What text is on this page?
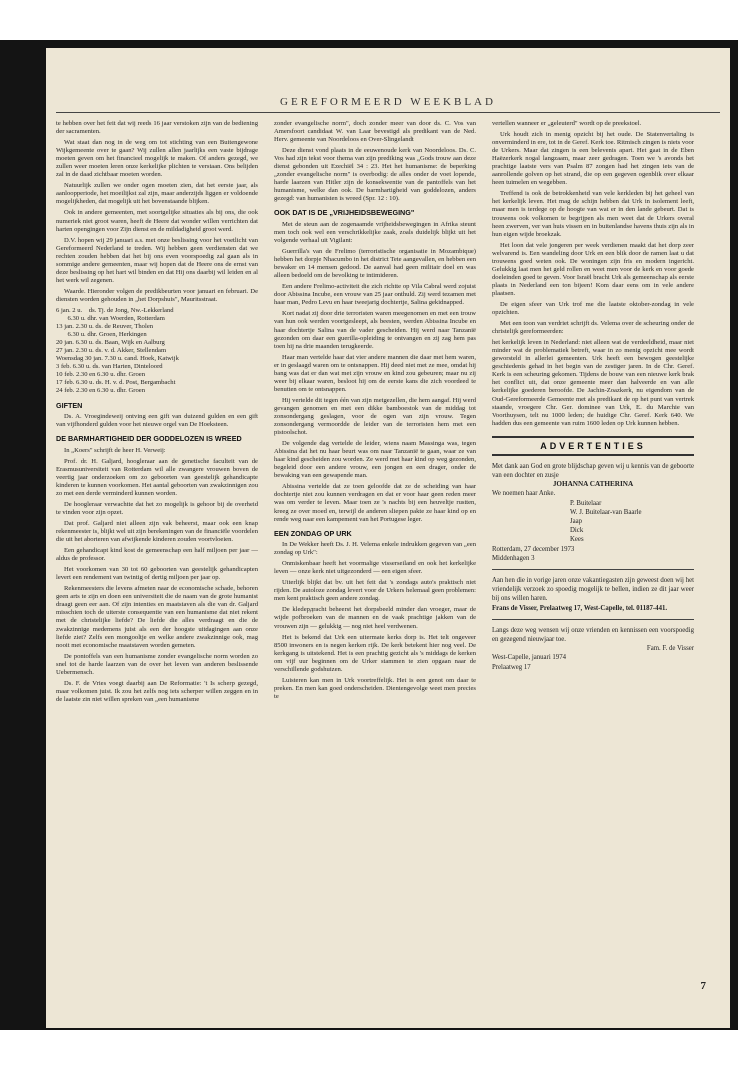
GEREFORMEERD WEEKBLAD

te hebben over het feit dat wij reeds 16 jaar verstoken zijn van de bediening der sacramenten.

Wat staat dan nog in de weg om tot stichting van een Buitengewone Wijkgemeente over te gaan? Wij zullen allen jaarlijks een vaste bijdrage moeten geven om het financieel mogelijk te maken. Of anders gezegd, we zullen weer moeten leren onze kerkelijke plichten te verstaan. Ons belijden zal in de daad zichtbaar moeten worden.

Natuurlijk zullen we onder ogen moeten zien, dat het eerste jaar, als aanloopperiode, het moeilijkst zal zijn, maar anderzijds liggen er voldoende mogelijkheden, dat mogelijk uit het bovenstaande blijken.

Ook in andere gemeenten, met soortgelijke situaties als bij ons, die ook numeriek niet groot waren, heeft de Heere dat wonder willen verrichten dat harten opengingen voor Zijn dienst en de mildadigheid groot werd.

D.V. hopen wij 29 januari a.s. met onze beslissing voor het voetlicht van Gereformeerd Nederland te treden. Wij hebben geen verdiensten dat we rechten zouden hebben dat het bij ons even voorspoedig zal gaan als in sommige andere gemeenten, maar wij hopen dat de Heere ons de ernst van deze beslissing op het hart wil binden en dat Hij ons daarbij wil leiden en al het werk wil zegenen.

Waarde. Hieronder volgen de predikbeurten voor januari en februari. De diensten worden gehouden in „het Dorpshuis", Mauritsstraat.

6 jan. 2 u.    ds. Tj. de Jong, Nw.-Lekkerland

6.30 u. dhr. van Woerden, Rotterdam

13 jan. 2.30 u. ds. de Reuver, Tholen

6.30 u. dhr. Groen, Herkingen

20 jan. 6.30 u. ds. Baan, Wijk en Aalburg

27 jan. 2.30 u. ds. v. d. Akker, Stellendam

Woensdag 30 jan. 7.30 u. cand. Hoek, Katwijk

3 feb. 6.30 u. ds. van Harten, Dinteloord

10 feb. 2.30 en 6.30 u. dhr. Groen

17 feb. 6.30 u. ds. H. v. d. Post, Bergambacht

24 feb. 2.30 en 6.30 u. dhr. Groen

GIFTEN

Ds. A. Vroegindeweij ontving een gift van duizend gulden en een gift van vijfhonderd gulden voor het nieuwe orgel van De Hoeksteen.

DE BARMHARTIGHEID DER GODDELOZEN IS WREED

In „Koers" schrijft de heer H. Verweij:

Prof. dr. H. Galjard, hoogleraar aan de genetische faculteit van de Erasmusuniversiteit van Rotterdam wil alle zwangere vrouwen boven de veertig jaar onderzoeken om zo geboorten van geestelijk gehandicapte kinderen te kunnen voorkomen. Het aantal geboorten van zwakzinnigen zou zo met een derde verminderd kunnen worden.

De hoogleraar verwachtte dat het zo mogelijk is gehoor bij de overheid te vinden voor zijn opzet.

Dat prof. Galjard niet alleen zijn vak beheerst, maar ook een knap rekenmeester is, blijkt wel uit zijn berekeningen van de financiële voordelen die uit het aborteren van afwijkende kinderen zouden voortvloeien.

Een gehandicapt kind kost de gemeenschap een half miljoen per jaar — aldus de professor.

Het voorkomen van 30 tot 60 geboorten van geestelijk gehandicapten levert een rendement van twintig of dertig miljoen per jaar op.

Rekenmeesters die levens afmeten naar de economische schade, behoren geen arts te zijn en doen een universiteit die de naam van de grote humanist draagt geen eer aan. Of zijn intenties en maatstaven als die van dr. Galjard misschien toch de uiterste consequentie van een humanisme dat niet rekent met de christelijke liefde? De liefde die alles verdraagt en die de zwakzinnige medemens juist als een der hoogste uitdagingen aan onze liefde ziet? Zelfs een mongooltje en welke andere zwakzinnige ook, mag nooit met economische maatstaven worden gemeten.

De pontoffels van een humanisme zonder evangelische norm worden zo snel tot de harde laarzen van de over het leven van anderen beslissende Uebermensch.

Ds. F. de Vries voegt daarbij aan De Reformatie: 't Is scherp gezegd, maar volkomen juist. Ik zou het zelfs nog iets scherper willen zeggen en in de laatste zin niet willen spreken van „een humanisme

zonder evangelische norm", doch zonder meer van door ds. C. Vos van Amersfoort candidaat W. van Laar bevestigd als predikant van de Ned. Herv. gemeente van Noordeloos en Over-Slingelandt

Deze dienst vond plaats in de eeuwenoude kerk van Noordeloos. Ds. C. Vos had zijn tekst voor thema van zijn prediking was „Gods trouw aan deze dienst gebonden uit Ezechiël 34 : 23. Het het humanisme: de beperking „zonder evangelische norm" is overbodig: de alles onder de voet lopende, harde laarzen van Hitler zijn de konsekwentie van de pantoffels van het humanisme, welke dan ook. De barmhartigheid van goddelozen, anders gezegd: van humanisten is wreed (Spr. 12 : 10).

OOK DAT IS DE „VRIJHEIDSBEWEGING"

Met de steun aan de zogenaamde vrijheidsbewegingen in Afrika steunt men toch ook wel een verschrikkelijke zaak, zoals duidelijk blijkt uit het volgende verhaal uit Vigilant:

Guerrilla's van de Frelimo (terroristische organisatie in Mozambique) hebben het dorpje Nhacumbo in het district Tete aangevallen, en hebben een bewaker en 14 mensen gedood. De aanval had geen militair doel en was alleen bedoeld om de bevolking te intimideren.

Een andere Frelimo-activiteit die zich richtte op Vila Cabral werd zojuist door Abissina Incube, een vrouw van 25 jaar onthuld. Zij werd tezamen met haar man, Pedro Levu en haar tweejarig dochtertje, Salina gekidnapped.

Kort nadat zij door drie terroristen waren meegenomen en met een trouw van hun ook werden voortgesleept, als beesten, werden Abissina Incube en haar dochtertje Salina van de vader gescheiden. Hij werd naar Tanzanië gezonden om daar een guerilla-opleiding te ontvangen en zij zag hem pas toen hij na drie maanden terugkeerde.

Haar man vertelde haar dat vier andere mannen die daar met hem waren, er in geslaagd waren om te ontsnappen. Hij deed niet met ze mee, omdat hij bang was dat er dan wat met zijn vrouw en kind zou gebeuren; maar nu zij weer bij elkaar waren, besloot hij om de eerste kans die zich voordeed te benutten om te ontsnappen.

Hij vertelde dit tegen één van zijn metgezellen, die hem aangaf. Hij werd gevangen genomen en met een dikke bamboestok van de middag tot zonsondergang geslagen, voor de ogen van zijn vrouw. Tegen zonsondergang vermoordde de leider van de terroristen hem met een pistoolschot.

De volgende dag vertelde de leider, wiens naam Massinga was, tegen Abissina dat het nu haar beurt was om naar Tanzanië te gaan, waar ze van haar kind gescheiden zou worden. Ze werd met haar kind op weg gezonden, begeleid door een andere vrouw, een jongen en een drager, onder de bewaking van een gewapende man.

Abissina vertelde dat ze toen geloofde dat ze de scheiding van haar dochtertje niet zou kunnen verdragen en dat er voor haar geen reden meer was om verder te leven. Maar toen ze 's nachts bij een heuveltje rustten, kreeg ze over moed en, terwijl de anderen sliepen pakte ze haar kind op en rende weg naar een kampement van het Portugese leger.

EEN ZONDAG OP URK

In De Wekker heeft Ds. J. H. Velema enkele indrukken gegeven van „een zondag op Urk":

Onmiskenbaar heeft het voormalige visserseiland en ook het kerkelijke leven — onze kerk niet uitgezonderd — een eigen sfeer.

Uiterlijk blijkt dat bv. uit het feit dat 's zondags auto's praktisch niet rijden. De autoloze zondag levert voor de Urkers helemaal geen problemen: men kent praktisch geen andere zondag.

De kledердracht beheerst het dorpsbeeld minder dan vroeger, maar de wijde pofbroeken van de mannen en de vaak prachtige jakken van de vrouwen zijn — gelukkig — nog niet heel verdwenen.

Het is bekend dat Urk een uitermate kerks dorp is. Het telt ongeveer 8500 inwoners en is negen kerken rijk. De kerk betekent hier nog veel. De kerkgang is uitstekend. Het is een prachtig gezicht als 's middags de kerken om vijf uur beginnen om de Urker stammen te zien opgaan naar de verschillende godshuizen.

Luisteren kan men in Urk voortreffelijk. Het is een genot om daar te preken. En men kan goed onderscheiden. Dientengevolge weet men precies te

vertellen wanneer er „geleuterd" wordt op de preekstoel.

Urk houdt zich in menig opzicht bij het oude. De Statenvertaling is onverminderd in ere, tot in de Geref. Kerk toe. Ritmisch zingen is niets voor de Urkers. Maar dat zingen is een belevenis apart. Het gaat in de Eben Haëzerkerk nogal langzaam, maar zeer gedragen. Toen we 's avonds het prachtige laatste vers van Psalm 87 zongen had het zingen iets van de aanrollende golven op het strand, die op een gegeven ogenblik over elkaar heen tuimelen en wegebben.

Treffend is ook de betrokkenheid van vele kerkleden bij het geheel van het kerkelijk leven. Het mag de schijn hebben dat Urk in isolement leeft, maar men is terdege op de hoogte van wat er in den lande gebeurt. Dat is trouwens ook volkomen te begrijpen als men weet dat de Urkers overal heen zwerven, ver van huis vissen en in buitenlandse havens thuis zijn als in hun eigen wijde broekzak.

Het loon dat vele jongeren per week verdienen maakt dat het dorp zeer welvarend is. Een wandeling door Urk en een blik door de ramen laat u dat trouwens goed weten ook. De woningen zijn fris en modern ingericht. Gelukkig laat men het geld rollen en weet men voor de kerk en voor goede doeleinden goed te geven. Voor Israël bracht Urk als gemeenschap als eerste plaats in Nederland een ton bijeen! Kom daar eens om in vele andere plaatsen.

De eigen sfeer van Urk trof me die laatste oktober-zondag in vele opzichten.

Met een toon van verdriet schrijft ds. Velema over de scheuring onder de christelijk gereformeerden:

het kerkelijk leven in Nederland: niet alleen wat de verdeeldheid, maar niet minder wat de problematiek betreft, waar in zo menig opzicht mee wordt geworsteld in allerlei gemeenten. Urk heeft een bewogen geestelijke geschiedenis gehad in het begin van de zestiger jaren. In de Chr. Geref. Kerk is een scheuring gekomen. Tijdens de bouw van een nieuwe kerk brak het conflict uit, dat onze gemeente meer dan halveerde en van alle kerkelijke goederen beroofde. De Jachin-Zoazkerk, nu eigendom van de Oud-Gereformeerde Gemeente met als predikant de op het punt van vertrek staande, vroegere Chr. Ger. dominee van Urk, E. du Marchie van Voorthuysen, telt nu 1000 leden; de huidige Chr. Geref. Kerk 640. We hadden dus een gemeente van ruim 1600 leden op Urk kunnen hebben.

ADVERTENTIES
Met dank aan God en grote blijdschap geven wij u kennis van de geboorte van een dochter en zusje
JOHANNA CATHERINA
We noemen haar Anke.
P. Buitelaar
W. J. Buitelaar-van Baarle
Jaap
Dick
Kees
Rotterdam, 27 december 1973
Middenhagen 3
Aan hen die in vorige jaren onze vakantiegasten zijn geweest doen wij het vriendelijk verzoek zo spoedig mogelijk te bellen, indien ze dit jaar weer bij ons willen haren.
Frans de Visser, Prelaatweg 17, West-Capelle, tel. 01187-441.
Langs deze weg wensen wij onze vrienden en kennissen een voorspoedig en gezegend nieuwjaar toe.
Fam. F. de Visser
West-Capelle, januari 1974
Prelaatweg 17
7
